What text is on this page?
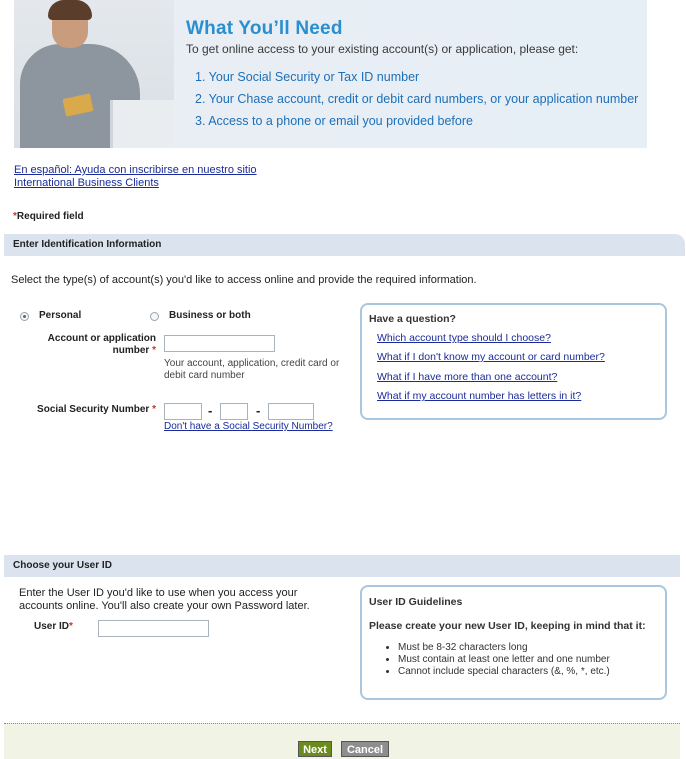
What You’ll Need
To get online access to your existing account(s) or application, please get:
1. Your Social Security or Tax ID number
2. Your Chase account, credit or debit card numbers, or your application number
3. Access to a phone or email you provided before
En español: Ayuda con inscribirse en nuestro sitio
International Business Clients
*Required field
Enter Identification Information
Select the type(s) of account(s) you'd like to access online and provide the required information.
Personal	Business or both
Account or application number *
Your account, application, credit card or debit card number
Social Security Number *	-	-
Don't have a Social Security Number?
Have a question?
Which account type should I choose?
What if I don't know my account or card number?
What if I have more than one account?
What if my account number has letters in it?
Choose your User ID
Enter the User ID you'd like to use when you access your accounts online. You'll also create your own Password later.
User ID*
User ID Guidelines
Please create your new User ID, keeping in mind that it:
• Must be 8-32 characters long
• Must contain at least one letter and one number
• Cannot include special characters (&, %, *, etc.)
Next	Cancel
